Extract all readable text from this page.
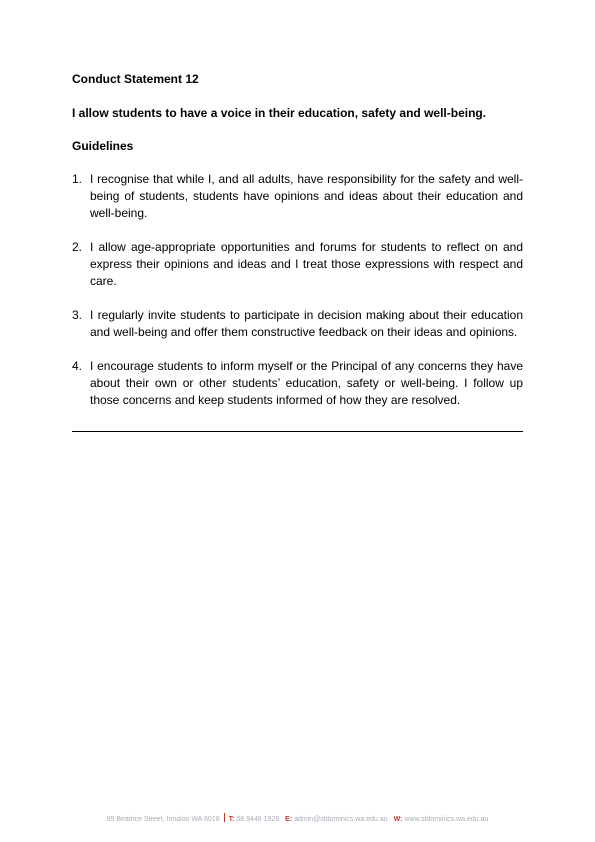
Conduct Statement 12
I allow students to have a voice in their education, safety and well-being.
Guidelines
1. I recognise that while I, and all adults, have responsibility for the safety and well-being of students, students have opinions and ideas about their education and well-being.
2. I allow age-appropriate opportunities and forums for students to reflect on and express their opinions and ideas and I treat those expressions with respect and care.
3. I regularly invite students to participate in decision making about their education and well-being and offer them constructive feedback on their ideas and opinions.
4. I encourage students to inform myself or the Principal of any concerns they have about their own or other students’ education, safety or well-being. I follow up those concerns and keep students informed of how they are resolved.
95 Beatrice Street, Innaloo WA 6018 T: 08 9446 1929 E: admin@stdominics.wa.edu.au W: www.stdominics.wa.edu.au
